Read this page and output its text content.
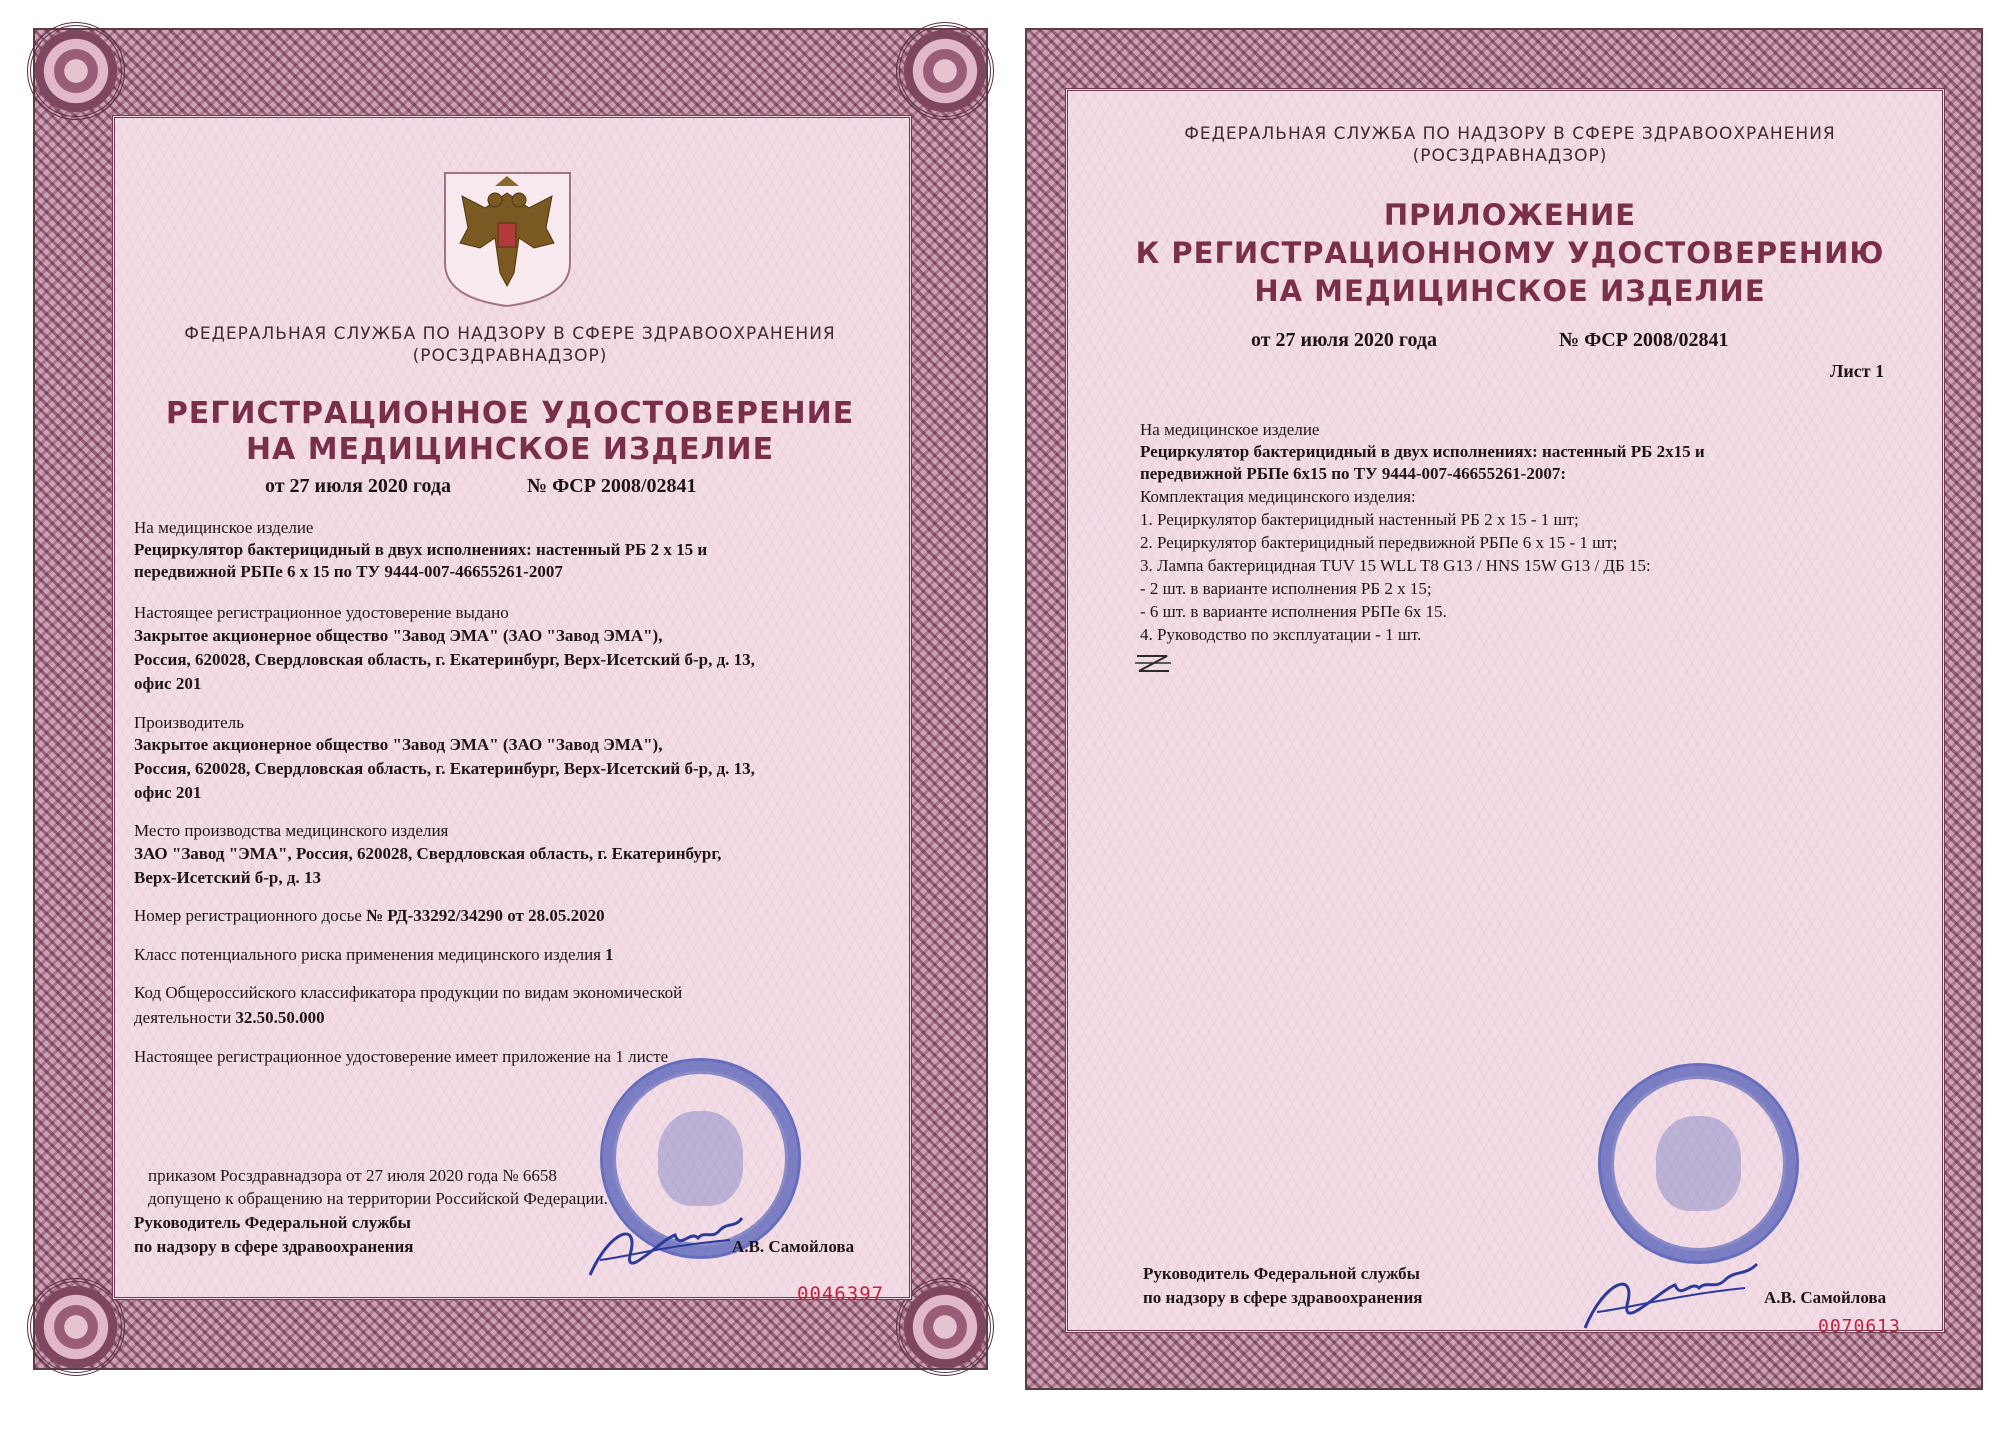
ФЕДЕРАЛЬНАЯ СЛУЖБА ПО НАДЗОРУ В СФЕРЕ ЗДРАВООХРАНЕНИЯ
(РОСЗДРАВНАДЗОР)
РЕГИСТРАЦИОННОЕ УДОСТОВЕРЕНИЕ
НА МЕДИЦИНСКОЕ ИЗДЕЛИЕ
от 27 июля 2020 года	№ ФСР 2008/02841
На медицинское изделие
Рециркулятор бактерицидный в двух исполнениях: настенный РБ 2 х 15 и
передвижной РБПе 6 х 15 по ТУ 9444-007-46655261-2007
Настоящее регистрационное удостоверение выдано
Закрытое акционерное общество "Завод ЭМА" (ЗАО "Завод ЭМА"),
Россия, 620028, Свердловская область, г. Екатеринбург, Верх-Исетский б-р, д. 13,
офис 201
Производитель
Закрытое акционерное общество "Завод ЭМА" (ЗАО "Завод ЭМА"),
Россия, 620028, Свердловская область, г. Екатеринбург, Верх-Исетский б-р, д. 13,
офис 201
Место производства медицинского изделия
ЗАО "Завод "ЭМА", Россия, 620028, Свердловская область, г. Екатеринбург,
Верх-Исетский б-р, д. 13
Номер регистрационного досье № РД-33292/34290 от 28.05.2020
Класс потенциального риска применения медицинского изделия 1
Код Общероссийского классификатора продукции по видам экономической
деятельности 32.50.50.000
Настоящее регистрационное удостоверение имеет приложение на 1 листе
приказом Росздравнадзора от 27 июля 2020 года № 6658
допущено к обращению на территории Российской Федерации.
Руководитель Федеральной службы
по надзору в сфере здравоохранения	А.В. Самойлова
0046397
ФЕДЕРАЛЬНАЯ СЛУЖБА ПО НАДЗОРУ В СФЕРЕ ЗДРАВООХРАНЕНИЯ
(РОСЗДРАВНАДЗОР)
ПРИЛОЖЕНИЕ
К РЕГИСТРАЦИОННОМУ УДОСТОВЕРЕНИЮ
НА МЕДИЦИНСКОЕ ИЗДЕЛИЕ
от 27 июля 2020 года	№ ФСР 2008/02841
Лист 1
На медицинское изделие
Рециркулятор бактерицидный в двух исполнениях: настенный РБ 2х15 и
передвижной РБПе 6х15 по ТУ 9444-007-46655261-2007:
Комплектация медицинского изделия:
1. Рециркулятор бактерицидный настенный РБ 2 х 15 - 1 шт;
2. Рециркулятор бактерицидный передвижной РБПе 6 х 15 - 1 шт;
3. Лампа бактерицидная TUV 15 WLL T8 G13 / HNS 15W G13 / ДБ 15:
- 2 шт. в варианте исполнения РБ 2 х 15;
- 6 шт. в варианте исполнения РБПе 6х 15.
4. Руководство по эксплуатации - 1 шт.
Руководитель Федеральной службы
по надзору в сфере здравоохранения	А.В. Самойлова
0070613
